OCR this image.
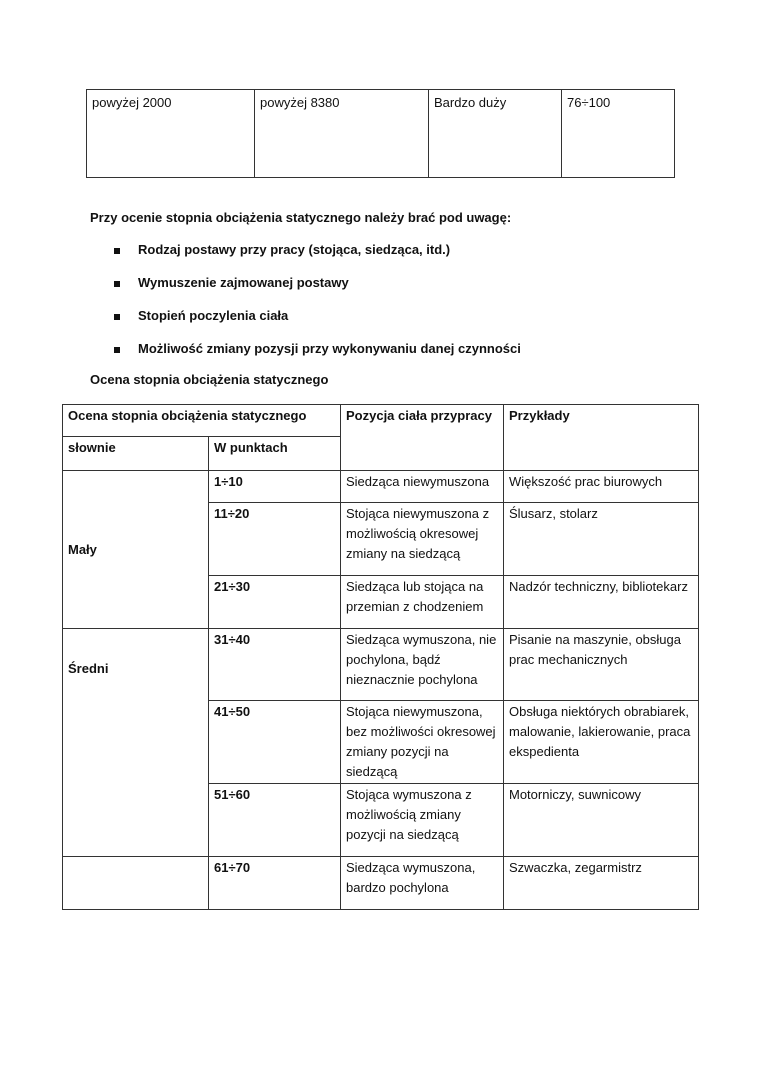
powyżej 2000	powyżej 8380	Bardzo duży	76÷100
Przy ocenie stopnia obciążenia statycznego należy brać pod uwagę:
Rodzaj postawy przy pracy (stojąca, siedząca, itd.)
Wymuszenie zajmowanej postawy
Stopień poczylenia ciała
Możliwość zmiany pozysji przy wykonywaniu danej czynności
Ocena stopnia obciążenia statycznego
Ocena stopnia obciążenia statycznego		Pozycja ciała przypracy	Przykłady
słownie	W punktach		
Mały	1÷10	Siedząca niewymuszona	Większość prac biurowych
	11÷20	Stojąca niewymuszona z możliwością okresowej zmiany na siedzącą	Ślusarz, stolarz
	21÷30	Siedząca lub stojąca na przemian z chodzeniem	Nadzór techniczny, bibliotekarz
Średni	31÷40	Siedząca wymuszona, nie pochylona, bądź nieznacznie pochylona	Pisanie na maszynie, obsługa prac mechanicznych
	41÷50	Stojąca niewymuszona, bez możliwości okresowej zmiany pozycji na siedzącą	Obsługa niektórych obrabiarek, malowanie, lakierowanie, praca ekspedienta
	51÷60	Stojąca wymuszona z możliwością zmiany pozycji na siedzącą	Motorniczy, suwnicowy
	61÷70	Siedząca wymuszona, bardzo pochylona	Szwaczka, zegarmistrz
